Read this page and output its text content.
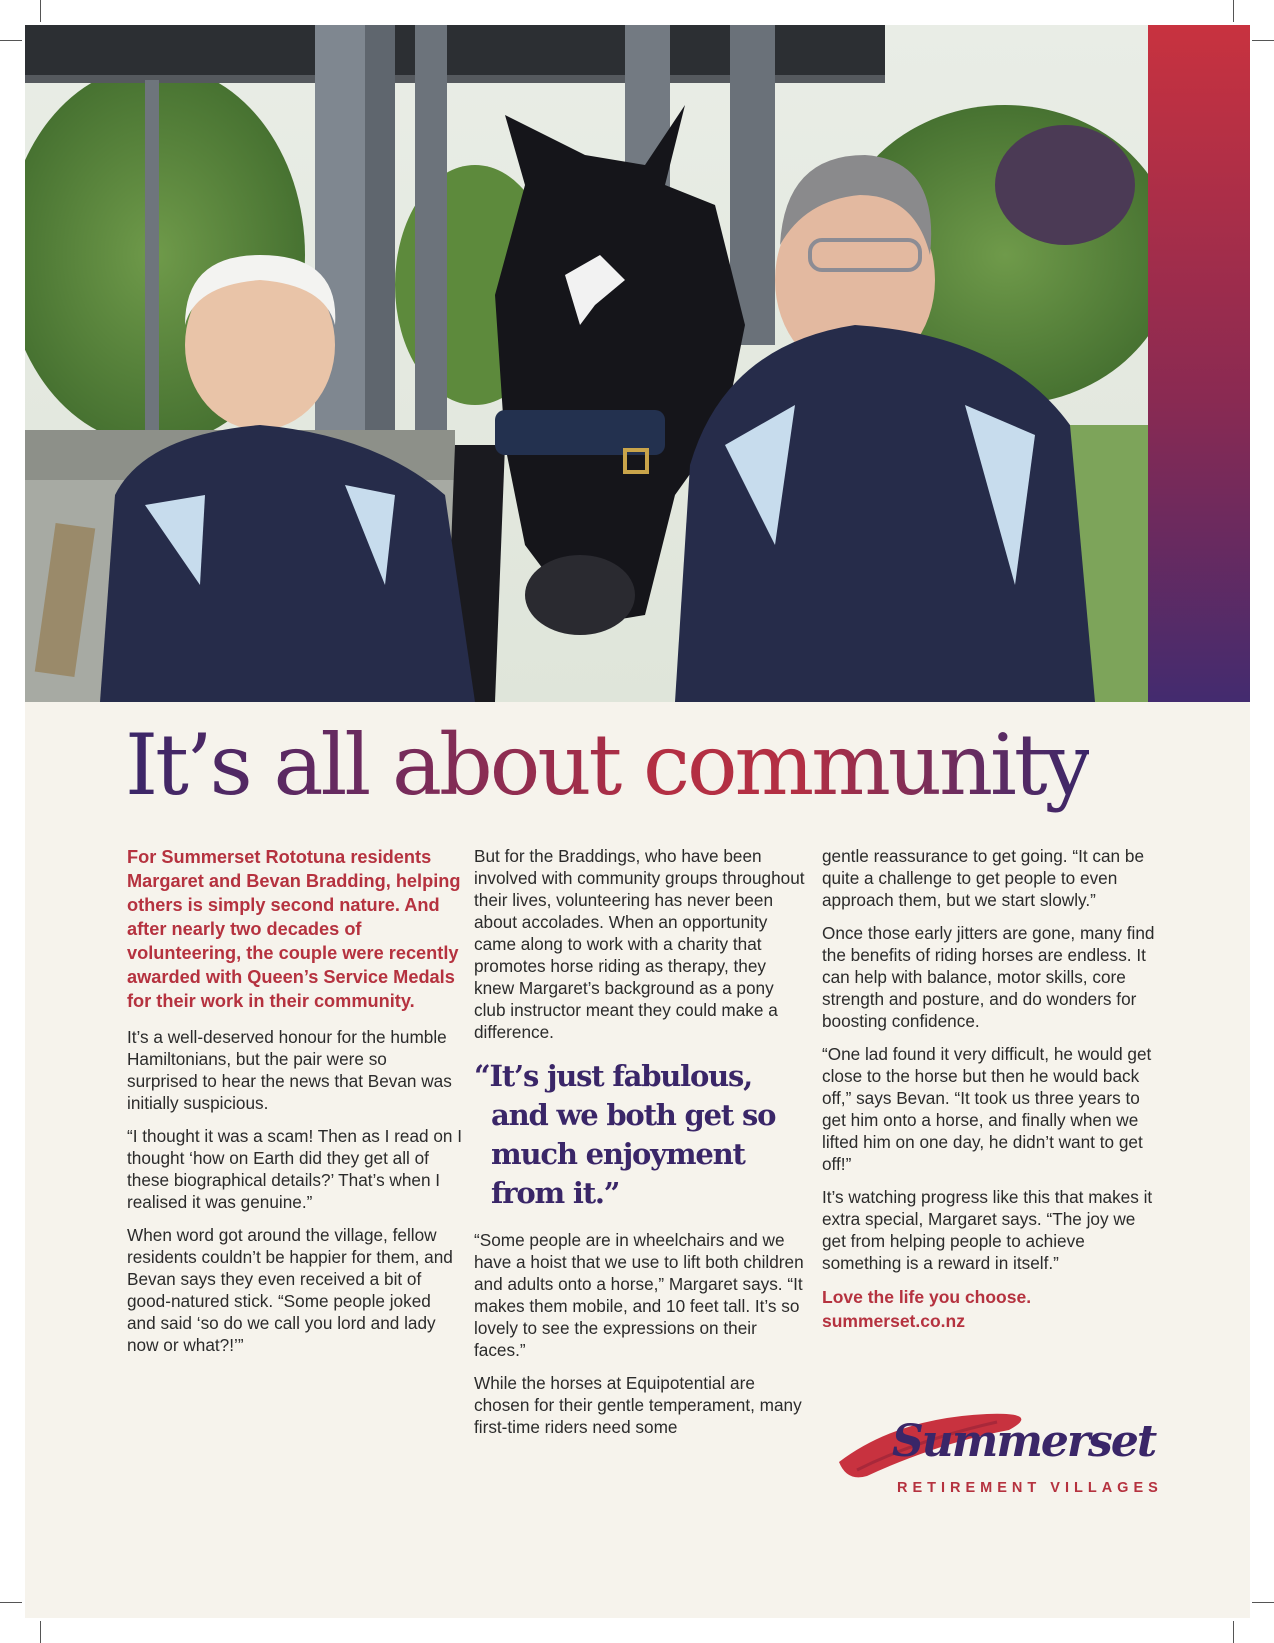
It’s all about community

For Summerset Rototuna residents Margaret and Bevan Bradding, helping others is simply second nature. And after nearly two decades of volunteering, the couple were recently awarded with Queen’s Service Medals for their work in their community.

It’s a well-deserved honour for the humble Hamiltonians, but the pair were so surprised to hear the news that Bevan was initially suspicious.

“I thought it was a scam! Then as I read on I thought ‘how on Earth did they get all of these biographical details?’ That’s when I realised it was genuine.”

When word got around the village, fellow residents couldn’t be happier for them, and Bevan says they even received a bit of good-natured stick. “Some people joked and said ‘so do we call you lord and lady now or what?!’”

But for the Braddings, who have been involved with community groups throughout their lives, volunteering has never been about accolades. When an opportunity came along to work with a charity that promotes horse riding as therapy, they knew Margaret’s background as a pony club instructor meant they could make a difference.

“It’s just fabulous, and we both get so much enjoyment from it.”

“Some people are in wheelchairs and we have a hoist that we use to lift both children and adults onto a horse,” Margaret says. “It makes them mobile, and 10 feet tall. It’s so lovely to see the expressions on their faces.”

While the horses at Equipotential are chosen for their gentle temperament, many first-time riders need some

gentle reassurance to get going. “It can be quite a challenge to get people to even approach them, but we start slowly.”

Once those early jitters are gone, many find the benefits of riding horses are endless. It can help with balance, motor skills, core strength and posture, and do wonders for boosting confidence.

“One lad found it very difficult, he would get close to the horse but then he would back off,” says Bevan. “It took us three years to get him onto a horse, and finally when we lifted him on one day, he didn’t want to get off!”

It’s watching progress like this that makes it extra special, Margaret says. “The joy we get from helping people to achieve something is a reward in itself.”

Love the life you choose.
summerset.co.nz
Summerset
RETIREMENT VILLAGES
